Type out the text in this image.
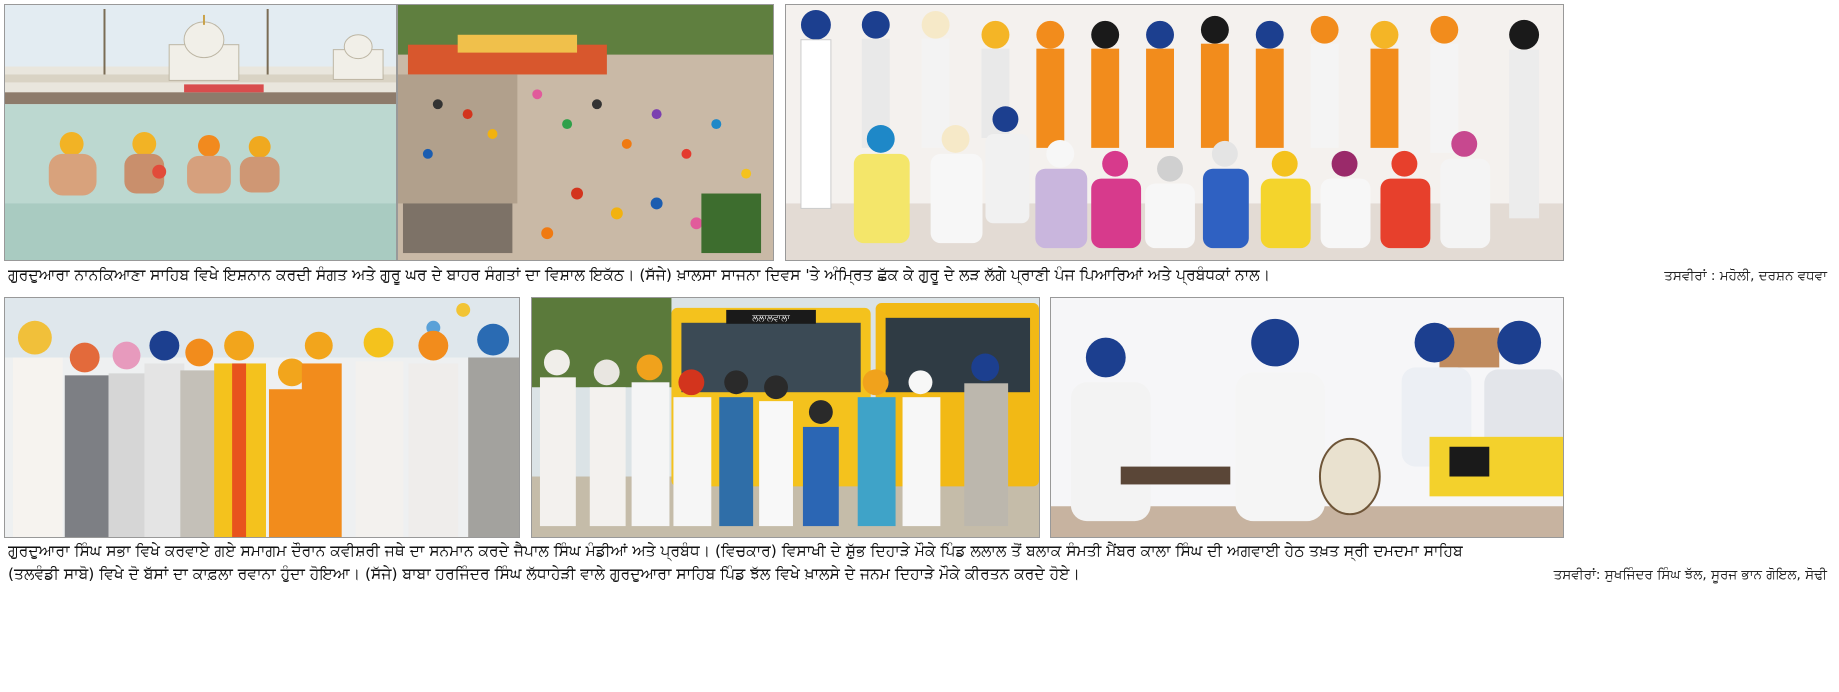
ਗੁਰਦੁਆਰਾ ਨਾਨਕਿਆਣਾ ਸਾਹਿਬ ਵਿਖੇ ਇਸ਼ਨਾਨ ਕਰਦੀ ਸੰਗਤ ਅਤੇ ਗੁਰੂ ਘਰ ਦੇ ਬਾਹਰ ਸੰਗਤਾਂ ਦਾ ਵਿਸ਼ਾਲ ਇਕੱਠ। (ਸੱਜੇ) ਖ਼ਾਲਸਾ ਸਾਜਨਾ ਦਿਵਸ 'ਤੇ ਅੰਮ੍ਰਿਤ ਛੱਕ ਕੇ ਗੁਰੂ ਦੇ ਲੜ ਲੱਗੇ ਪ੍ਰਾਣੀ ਪੰਜ ਪਿਆਰਿਆਂ ਅਤੇ ਪ੍ਰਬੰਧਕਾਂ ਨਾਲ।	ਤਸਵੀਰਾਂ : ਮਹੋਲੀ, ਦਰਸ਼ਨ ਵਧਵਾ
ਲਲਾਲਵਾਲਾ
ਗੁਰਦੁਆਰਾ ਸਿੰਘ ਸਭਾ ਵਿਖੇ ਕਰਵਾਏ ਗਏ ਸਮਾਗਮ ਦੌਰਾਨ ਕਵੀਸ਼ਰੀ ਜਥੇ ਦਾ ਸਨਮਾਨ ਕਰਦੇ ਜੈਪਾਲ ਸਿੰਘ ਮੰਡੀਆਂ ਅਤੇ ਪ੍ਰਬੰਧ। (ਵਿਚਕਾਰ) ਵਿਸਾਖੀ ਦੇ ਸ਼ੁੱਭ ਦਿਹਾੜੇ ਮੌਕੇ ਪਿੰਡ ਲਲਾਲ ਤੋਂ ਬਲਾਕ ਸੰਮਤੀ ਮੈਂਬਰ ਕਾਲਾ ਸਿੰਘ ਦੀ ਅਗਵਾਈ ਹੇਠ ਤਖ਼ਤ ਸ੍ਰੀ ਦਮਦਮਾ ਸਾਹਿਬ
(ਤਲਵੰਡੀ ਸਾਬੋ) ਵਿਖੇ ਦੋ ਬੱਸਾਂ ਦਾ ਕਾਫ਼ਲਾ ਰਵਾਨਾ ਹੁੰਦਾ ਹੋਇਆ। (ਸੱਜੇ) ਬਾਬਾ ਹਰਜਿੰਦਰ ਸਿੰਘ ਲੱਧਾਹੇੜੀ ਵਾਲੇ ਗੁਰਦੁਆਰਾ ਸਾਹਿਬ ਪਿੰਡ ਝੱਲ ਵਿਖੇ ਖ਼ਾਲਸੇ ਦੇ ਜਨਮ ਦਿਹਾੜੇ ਮੌਕੇ ਕੀਰਤਨ ਕਰਦੇ ਹੋਏ।	ਤਸਵੀਰਾਂ: ਸੁਖਜਿੰਦਰ ਸਿੰਘ ਝੱਲ, ਸੂਰਜ ਭਾਨ ਗੋਇਲ, ਸੋਢੀ
